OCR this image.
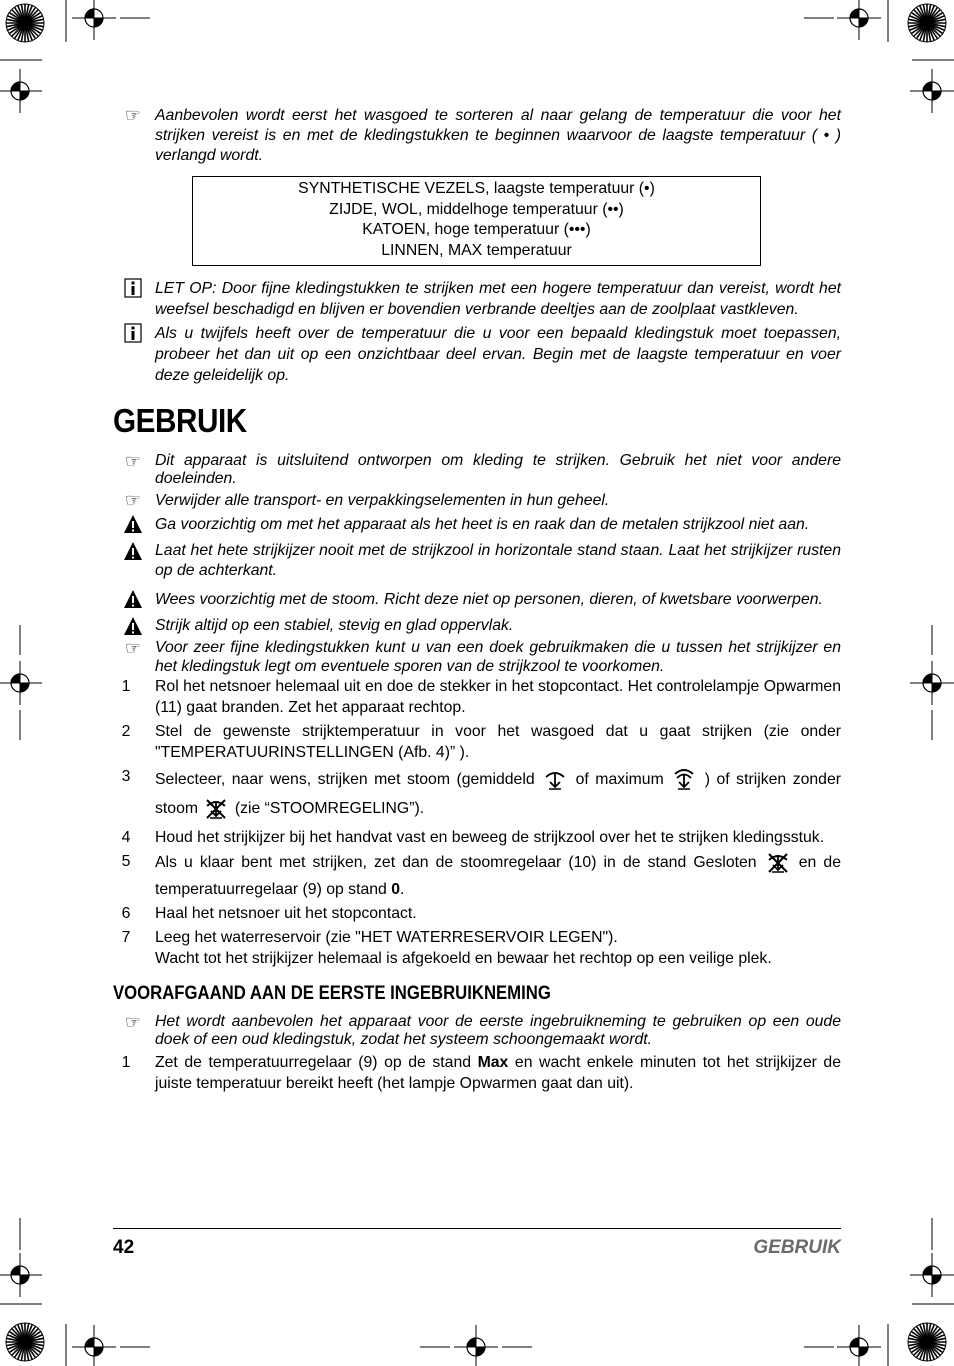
☞ Aanbevolen wordt eerst het wasgoed te sorteren al naar gelang de temperatuur die voor het strijken vereist is en met de kledingstukken te beginnen waarvoor de laagste temperatuur ( • ) verlangd wordt.
SYNTHETISCHE VEZELS, laagste temperatuur (•)
ZIJDE, WOL, middelhoge temperatuur (••)
KATOEN, hoge temperatuur (•••)
LINNEN, MAX temperatuur
LET OP: Door fijne kledingstukken te strijken met een hogere temperatuur dan vereist, wordt het weefsel beschadigd en blijven er bovendien verbrande deeltjes aan de zoolplaat vastkleven.
Als u twijfels heeft over de temperatuur die u voor een bepaald kledingstuk moet toepassen, probeer het dan uit op een onzichtbaar deel ervan. Begin met de laagste temperatuur en voer deze geleidelijk op.
GEBRUIK
☞ Dit apparaat is uitsluitend ontworpen om kleding te strijken. Gebruik het niet voor andere doeleinden.
☞ Verwijder alle transport- en verpakkingselementen in hun geheel.
Ga voorzichtig om met het apparaat als het heet is en raak dan de metalen strijkzool niet aan.
Laat het hete strijkijzer nooit met de strijkzool in horizontale stand staan. Laat het strijkijzer rusten op de achterkant.
Wees voorzichtig met de stoom. Richt deze niet op personen, dieren, of kwetsbare voorwerpen.
Strijk altijd op een stabiel, stevig en glad oppervlak.
☞ Voor zeer fijne kledingstukken kunt u van een doek gebruikmaken die u tussen het strijkijzer en het kledingstuk legt om eventuele sporen van de strijkzool te voorkomen.
1	Rol het netsnoer helemaal uit en doe de stekker in het stopcontact. Het controlelampje Opwarmen (11) gaat branden. Zet het apparaat rechtop.
2	Stel de gewenste strijktemperatuur in voor het wasgoed dat u gaat strijken (zie onder "TEMPERATUURINSTELLINGEN (Afb. 4)” ).
3	Selecteer, naar wens, strijken met stoom (gemiddeld	of maximum	) of strijken zonder stoom (zie “STOOMREGELING”).
4	Houd het strijkijzer bij het handvat vast en beweeg de strijkzool over het te strijken kledingsstuk.
5	Als u klaar bent met strijken, zet dan de stoomregelaar (10) in de stand Gesloten	en de temperatuurregelaar (9) op stand 0.
6	Haal het netsnoer uit het stopcontact.
7	Leeg het waterreservoir (zie "HET WATERRESERVOIR LEGEN").
Wacht tot het strijkijzer helemaal is afgekoeld en bewaar het rechtop op een veilige plek.
VOORAFGAAND AAN DE EERSTE INGEBRUIKNEMING
☞ Het wordt aanbevolen het apparaat voor de eerste ingebruikneming te gebruiken op een oude doek of een oud kledingstuk, zodat het systeem schoongemaakt wordt.
1	Zet de temperatuurregelaar (9) op de stand Max en wacht enkele minuten tot het strijkijzer de juiste temperatuur bereikt heeft (het lampje Opwarmen gaat dan uit).
42	GEBRUIK
